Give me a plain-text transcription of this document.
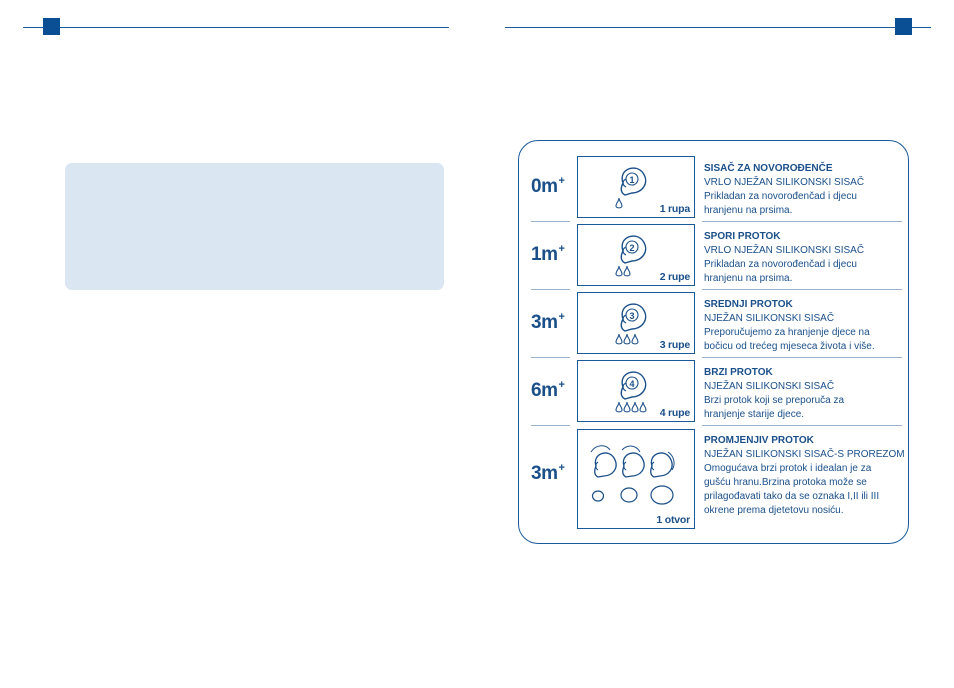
0m+	1
1 rupa
SISAČ ZA NOVOROĐENČE
VRLO NJEŽAN SILIKONSKI SISAČ
Prikladan za novorođenčad i djecu
hranjenu na prsima.
1m+	2
2 rupe
SPORI PROTOK
VRLO NJEŽAN SILIKONSKI SISAČ
Prikladan za novorođenčad i djecu
hranjenu na prsima.
3m+	3
3 rupe
SREDNJI PROTOK
NJEŽAN SILIKONSKI SISAČ
Preporučujemo za hranjenje djece na
bočicu od trećeg mjeseca života i više.
6m+	4
4 rupe
BRZI PROTOK
NJEŽAN SILIKONSKI SISAČ
Brzi protok koji se preporuča za
hranjenje starije djece.
3m+
1 otvor
PROMJENJIV PROTOK
NJEŽAN SILIKONSKI SISAČ-S PROREZOM
Omogućava brzi protok i idealan je za
gušću hranu.Brzina protoka može se
prilagođavati tako da se oznaka I,II ili III
okrene prema djetetovu nosiću.
